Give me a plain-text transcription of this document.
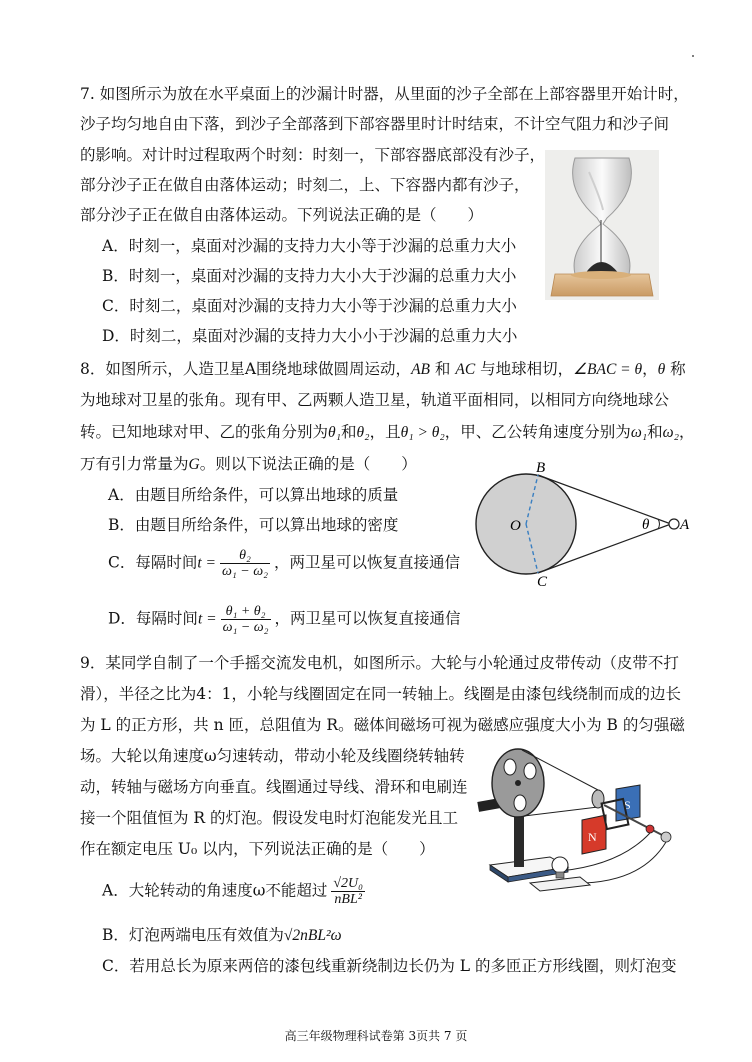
7. 如图所示为放在水平桌面上的沙漏计时器，从里面的沙子全部在上部容器里开始计时，
沙子均匀地自由下落，到沙子全部落到下部容器里时计时结束，不计空气阻力和沙子间
的影响。对计时过程取两个时刻：时刻一，下部容器底部没有沙子，
部分沙子正在做自由落体运动；时刻二，上、下容器内都有沙子，
部分沙子正在做自由落体运动。下列说法正确的是（　　）
A．时刻一，桌面对沙漏的支持力大小等于沙漏的总重力大小
B．时刻一，桌面对沙漏的支持力大小大于沙漏的总重力大小
C．时刻二，桌面对沙漏的支持力大小等于沙漏的总重力大小
D．时刻二，桌面对沙漏的支持力大小小于沙漏的总重力大小
8．如图所示，人造卫星A围绕地球做圆周运动，AB 和 AC 与地球相切，∠BAC = θ，θ 称
为地球对卫星的张角。现有甲、乙两颗人造卫星，轨道平面相同，以相同方向绕地球公
转。已知地球对甲、乙的张角分别为θ₁和θ₂，且θ₁ > θ₂，甲、乙公转角速度分别为ω₁和ω₂，
万有引力常量为G。则以下说法正确的是（　　）
A．由题目所给条件，可以算出地球的质量
B．由题目所给条件，可以算出地球的密度
C．每隔时间$t = \frac{\text{θ₂}}{\text{ω₁ − ω₂}}$ ，两卫星可以恢复直接通信
D．每隔时间$t = \frac{\text{θ₁ + θ₂}}{\text{ω₁ − ω₂}}$ ，两卫星可以恢复直接通信
B
O
C
θ A
9．某同学自制了一个手摇交流发电机，如图所示。大轮与小轮通过皮带传动（皮带不打
滑），半径之比为4：1，小轮与线圈固定在同一转轴上。线圈是由漆包线绕制而成的边长
为 L 的正方形，共 n 匝，总阻值为 R。磁体间磁场可视为磁感应强度大小为 B 的匀强磁
场。大轮以角速度ω匀速转动，带动小轮及线圈绕转轴转
动，转轴与磁场方向垂直。线圈通过导线、滑环和电刷连
接一个阻值恒为 R 的灯泡。假设发电时灯泡能发光且工
作在额定电压 U₀ 以内，下列说法正确的是（　　）
A．大轮转动的角速度ω不能超过 $\frac{\text{√2U₀}}{\text{nBL²}}$
B．灯泡两端电压有效值为√2nBL²ω
C．若用总长为原来两倍的漆包线重新绕制边长仍为 L 的多匝正方形线圈，则灯泡变
N
S
高三年级物理科试卷第 3页共 7 页
